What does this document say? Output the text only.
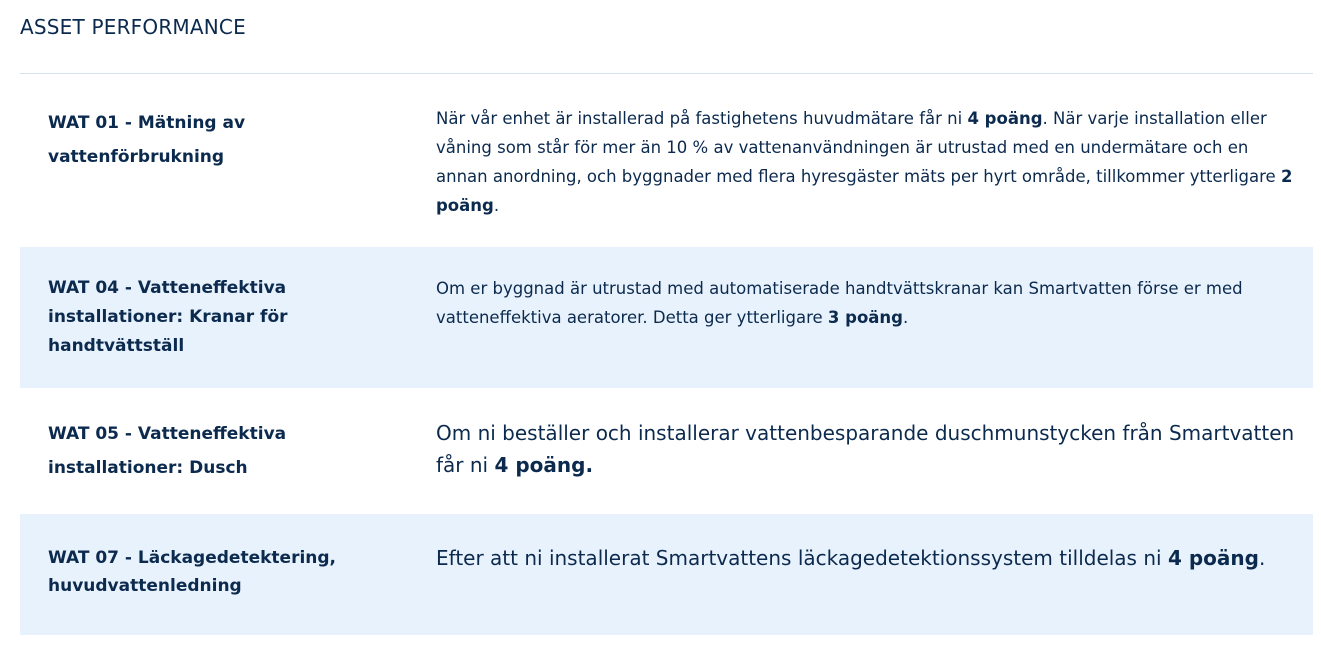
ASSET PERFORMANCE
WAT 01 - Mätning av vattenförbrukning
När vår enhet är installerad på fastighetens huvudmätare får ni 4 poäng. När varje installation eller våning som står för mer än 10 % av vattenanvändningen är utrustad med en undermätare och en annan anordning, och byggnader med flera hyresgäster mäts per hyrt område, tillkommer ytterligare 2 poäng.
WAT 04 - Vatteneffektiva installationer: Kranar för handtvättställ
Om er byggnad är utrustad med automatiserade handtvättskranar kan Smartvatten förse er med vatteneffektiva aeratorer. Detta ger ytterligare 3 poäng.
WAT 05 - Vatteneffektiva installationer: Dusch
Om ni beställer och installerar vattenbesparande duschmunstycken från Smartvatten får ni 4 poäng.
WAT 07 - Läckagedetektering, huvudvattenledning
Efter att ni installerat Smartvattens läckagedetektionssystem tilldelas ni 4 poäng.
